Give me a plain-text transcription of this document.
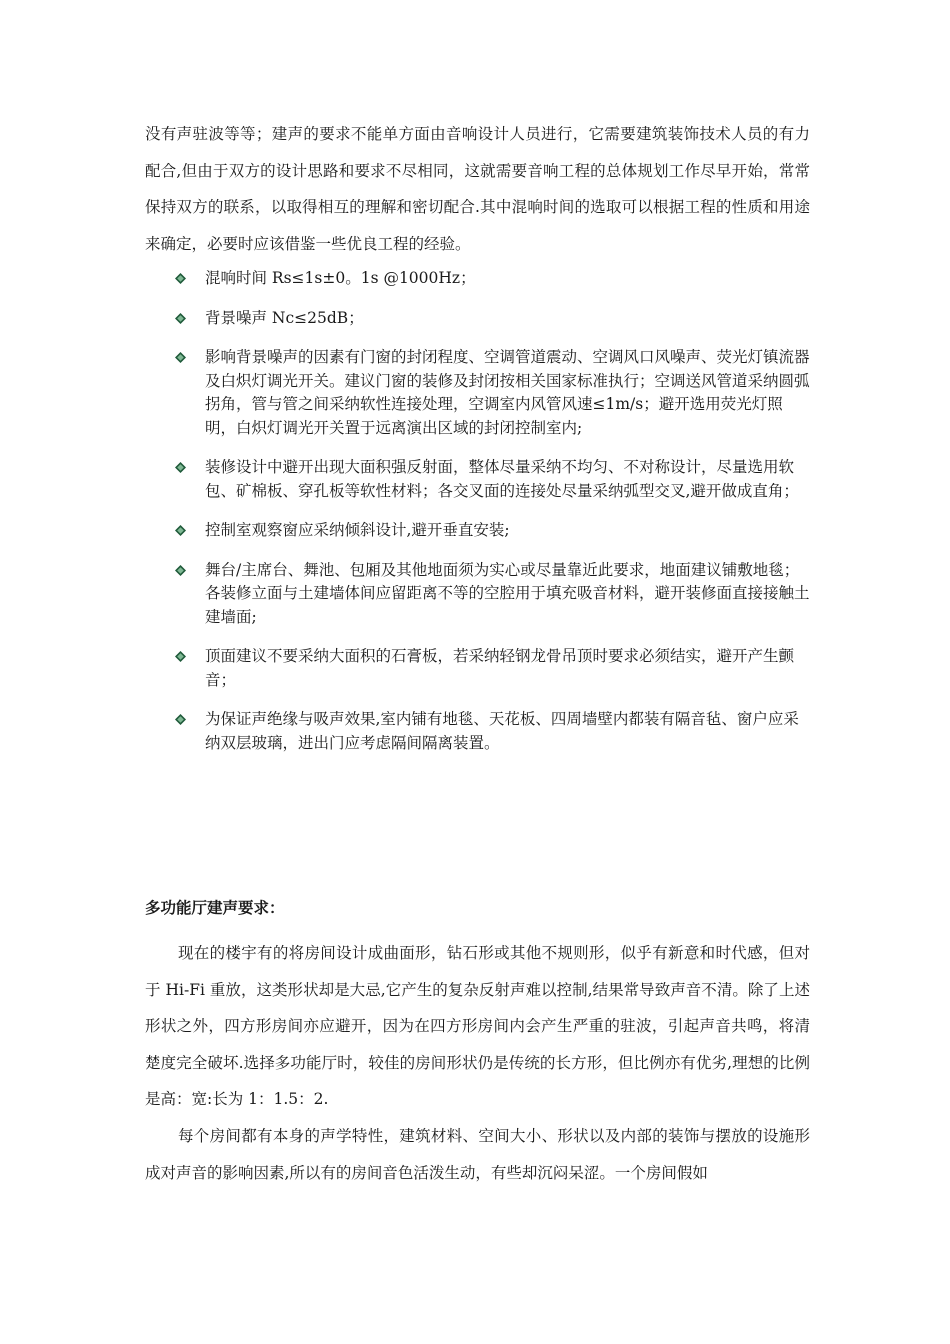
没有声驻波等等；建声的要求不能单方面由音响设计人员进行，它需要建筑装饰技术人员的有力配合,但由于双方的设计思路和要求不尽相同，这就需要音响工程的总体规划工作尽早开始，常常保持双方的联系，以取得相互的理解和密切配合.其中混响时间的选取可以根据工程的性质和用途来确定，必要时应该借鉴一些优良工程的经验。

混响时间 Rs≤1s±0。1s @1000Hz；
背景噪声 Nc≤25dB；
影响背景噪声的因素有门窗的封闭程度、空调管道震动、空调风口风噪声、荧光灯镇流器及白炽灯调光开关。建议门窗的装修及封闭按相关国家标准执行；空调送风管道采纳圆弧拐角，管与管之间采纳软性连接处理，空调室内风管风速≤1m/s；避开选用荧光灯照明，白炽灯调光开关置于远离演出区域的封闭控制室内;
装修设计中避开出现大面积强反射面，整体尽量采纳不均匀、不对称设计，尽量选用软包、矿棉板、穿孔板等软性材料；各交叉面的连接处尽量采纳弧型交叉,避开做成直角；
控制室观察窗应采纳倾斜设计,避开垂直安装;
舞台/主席台、舞池、包厢及其他地面须为实心或尽量靠近此要求，地面建议铺敷地毯；各装修立面与土建墙体间应留距离不等的空腔用于填充吸音材料，避开装修面直接接触土建墙面;
顶面建议不要采纳大面积的石膏板，若采纳轻钢龙骨吊顶时要求必须结实，避开产生颤音；
为保证声绝缘与吸声效果,室内铺有地毯、天花板、四周墙壁内都装有隔音毡、窗户应采纳双层玻璃，进出门应考虑隔间隔离装置。
多功能厅建声要求：

现在的楼宇有的将房间设计成曲面形，钻石形或其他不规则形，似乎有新意和时代感，但对于 Hi-Fi 重放，这类形状却是大忌,它产生的复杂反射声难以控制,结果常导致声音不清。除了上述形状之外，四方形房间亦应避开，因为在四方形房间内会产生严重的驻波，引起声音共鸣，将清楚度完全破坏.选择多功能厅时，较佳的房间形状仍是传统的长方形，但比例亦有优劣,理想的比例是高：宽:长为 1：1.5：2.

每个房间都有本身的声学特性，建筑材料、空间大小、形状以及内部的装饰与摆放的设施形成对声音的影响因素,所以有的房间音色活泼生动，有些却沉闷呆涩。一个房间假如
